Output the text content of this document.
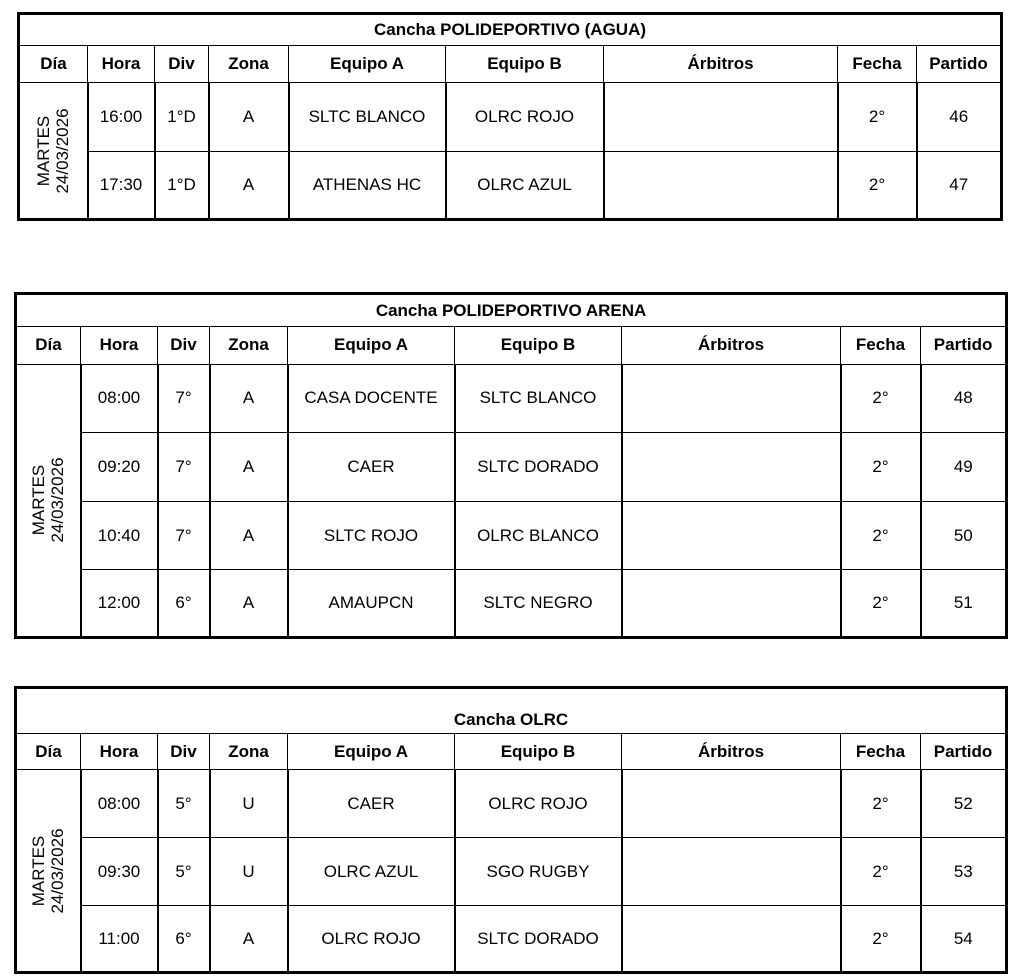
Cancha POLIDEPORTIVO (AGUA)								
Día	Hora	Div	Zona	Equipo A	Equipo B	Árbitros	Fecha	Partido

MARTES 24/03/2026	16:00	1°D	A	SLTC BLANCO	OLRC ROJO		2°	46
	17:30	1°D	A	ATHENAS HC	OLRC AZUL		2°	47
Cancha POLIDEPORTIVO ARENA								
Día	Hora	Div	Zona	Equipo A	Equipo B	Árbitros	Fecha	Partido

MARTES 24/03/2026	08:00	7°	A	CASA DOCENTE	SLTC BLANCO		2°	48
	09:20	7°	A	CAER	SLTC DORADO		2°	49
	10:40	7°	A	SLTC ROJO	OLRC BLANCO		2°	50
	12:00	6°	A	AMAUPCN	SLTC NEGRO		2°	51
Cancha OLRC								
Día	Hora	Div	Zona	Equipo A	Equipo B	Árbitros	Fecha	Partido

MARTES 24/03/2026	08:00	5°	U	CAER	OLRC ROJO		2°	52
	09:30	5°	U	OLRC AZUL	SGO RUGBY		2°	53
	11:00	6°	A	OLRC ROJO	SLTC DORADO		2°	54
